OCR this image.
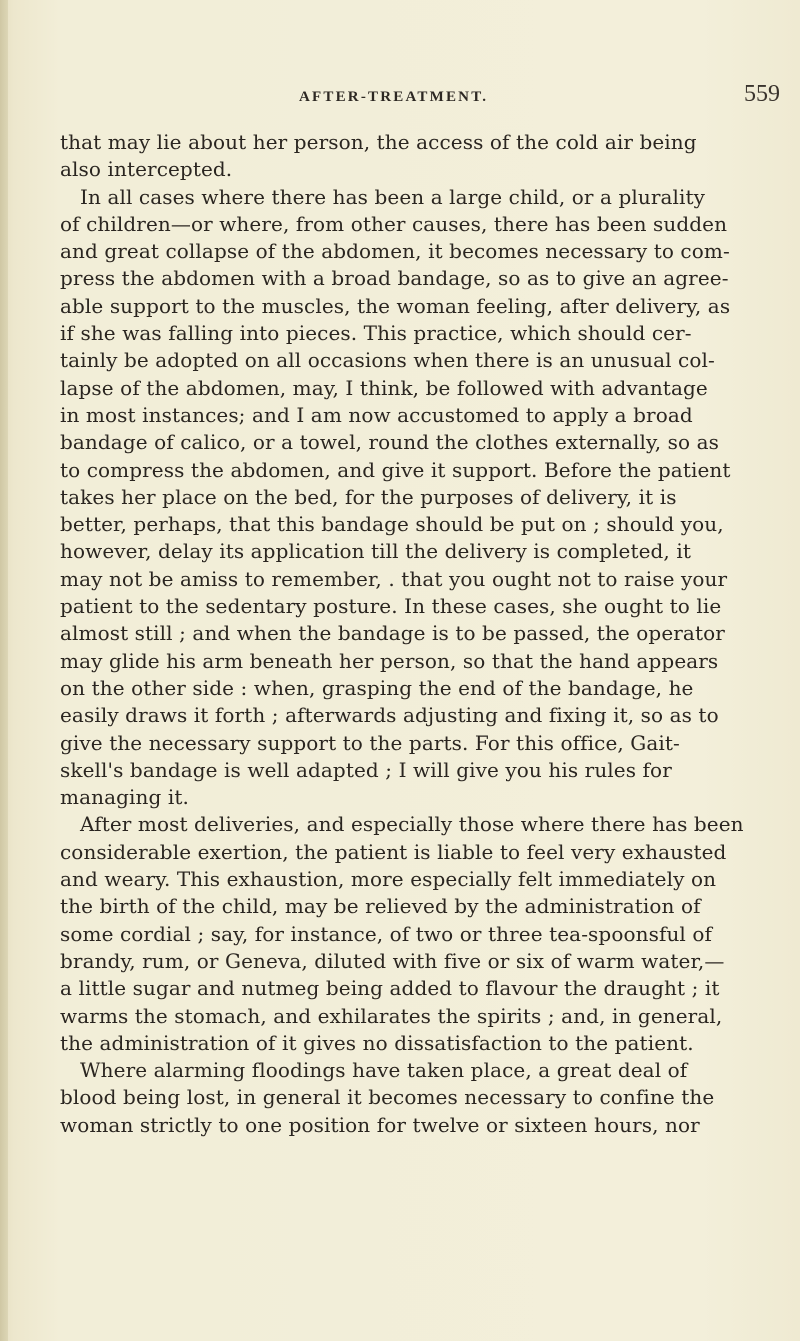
AFTER-TREATMENT.	559
that may lie about her person, the access of the cold air being
also intercepted.
In all cases where there has been a large child, or a plurality
of children—or where, from other causes, there has been sudden
and great collapse of the abdomen, it becomes necessary to com-
press the abdomen with a broad bandage, so as to give an agree-
able support to the muscles, the woman feeling, after delivery, as
if she was falling into pieces. This practice, which should cer-
tainly be adopted on all occasions when there is an unusual col-
lapse of the abdomen, may, I think, be followed with advantage
in most instances; and I am now accustomed to apply a broad
bandage of calico, or a towel, round the clothes externally, so as
to compress the abdomen, and give it support. Before the patient
takes her place on the bed, for the purposes of delivery, it is
better, perhaps, that this bandage should be put on ; should you,
however, delay its application till the delivery is completed, it
may not be amiss to remember, . that you ought not to raise your
patient to the sedentary posture. In these cases, she ought to lie
almost still ; and when the bandage is to be passed, the operator
may glide his arm beneath her person, so that the hand appears
on the other side : when, grasping the end of the bandage, he
easily draws it forth ; afterwards adjusting and fixing it, so as to
give the necessary support to the parts. For this office, Gait-
skell's bandage is well adapted ; I will give you his rules for
managing it.
After most deliveries, and especially those where there has been
considerable exertion, the patient is liable to feel very exhausted
and weary. This exhaustion, more especially felt immediately on
the birth of the child, may be relieved by the administration of
some cordial ; say, for instance, of two or three tea-spoonsful of
brandy, rum, or Geneva, diluted with five or six of warm water,—
a little sugar and nutmeg being added to flavour the draught ; it
warms the stomach, and exhilarates the spirits ; and, in general,
the administration of it gives no dissatisfaction to the patient.
Where alarming floodings have taken place, a great deal of
blood being lost, in general it becomes necessary to confine the
woman strictly to one position for twelve or sixteen hours, nor
